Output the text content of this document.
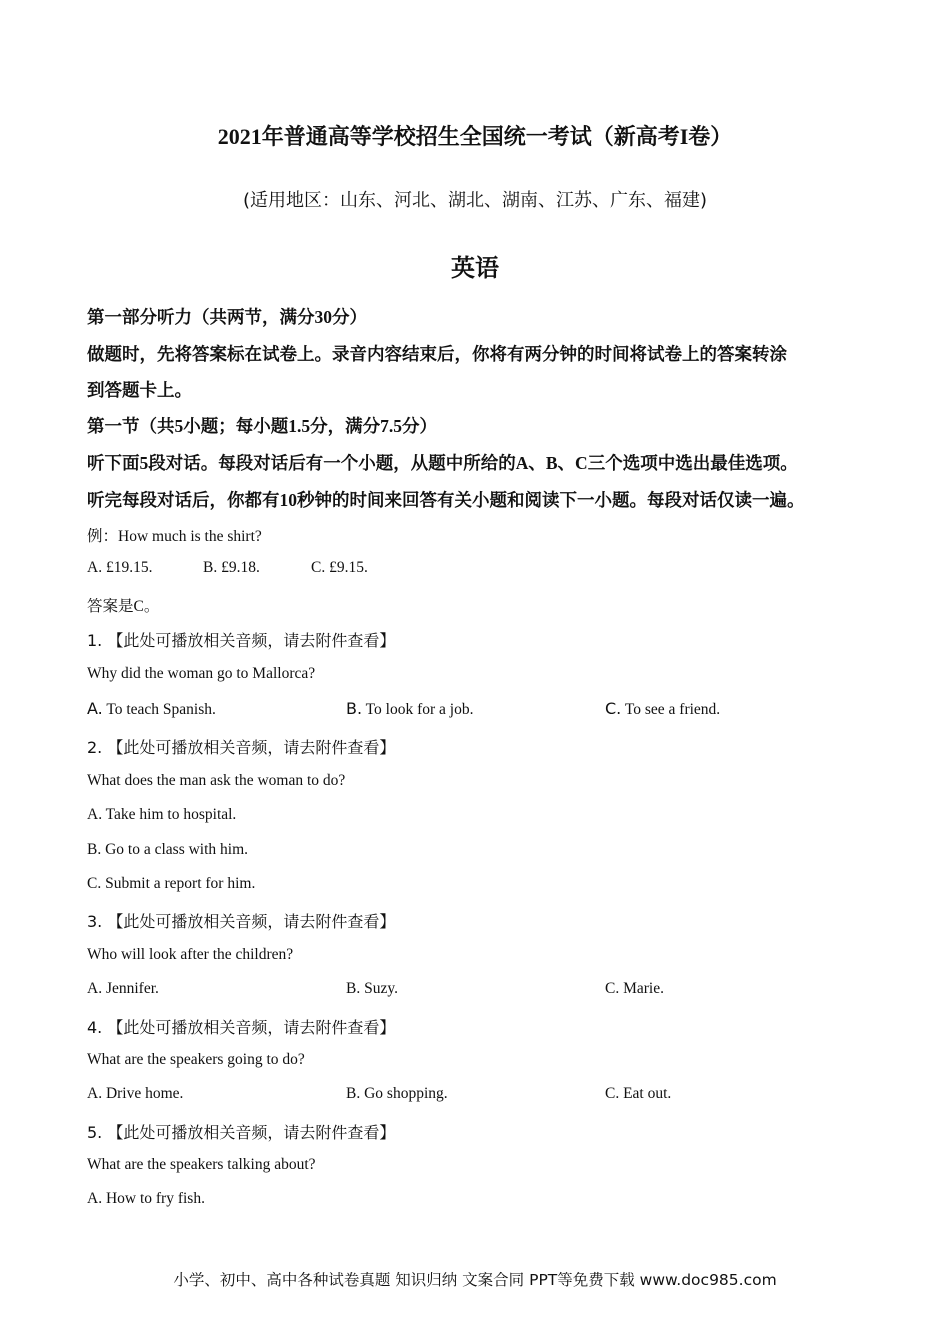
2021年普通高等学校招生全国统一考试（新高考I卷）
(适用地区：山东、河北、湖北、湖南、江苏、广东、福建)
英语
第一部分听力（共两节，满分30分）
做题时，先将答案标在试卷上。录音内容结束后，你将有两分钟的时间将试卷上的答案转涂
到答题卡上。
第一节（共5小题；每小题1.5分，满分7.5分）
听下面5段对话。每段对话后有一个小题，从题中所给的A、B、C三个选项中选出最佳选项。
听完每段对话后，你都有10秒钟的时间来回答有关小题和阅读下一小题。每段对话仅读一遍。
例：How much is the shirt?
A. £19.15.	B. £9.18.	C. £9.15.
答案是C。
1. 【此处可播放相关音频，请去附件查看】
Why did the woman go to Mallorca?
A. To teach Spanish.	B. To look for a job.	C. To see a friend.
2. 【此处可播放相关音频，请去附件查看】
What does the man ask the woman to do?
A. Take him to hospital.
B. Go to a class with him.
C. Submit a report for him.
3. 【此处可播放相关音频，请去附件查看】
Who will look after the children?
A. Jennifer.	B. Suzy.	C. Marie.
4. 【此处可播放相关音频，请去附件查看】
What are the speakers going to do?
A. Drive home.	B. Go shopping.	C. Eat out.
5. 【此处可播放相关音频，请去附件查看】
What are the speakers talking about?
A. How to fry fish.
小学、初中、高中各种试卷真题 知识归纳 文案合同 PPT等免费下载 www.doc985.com
